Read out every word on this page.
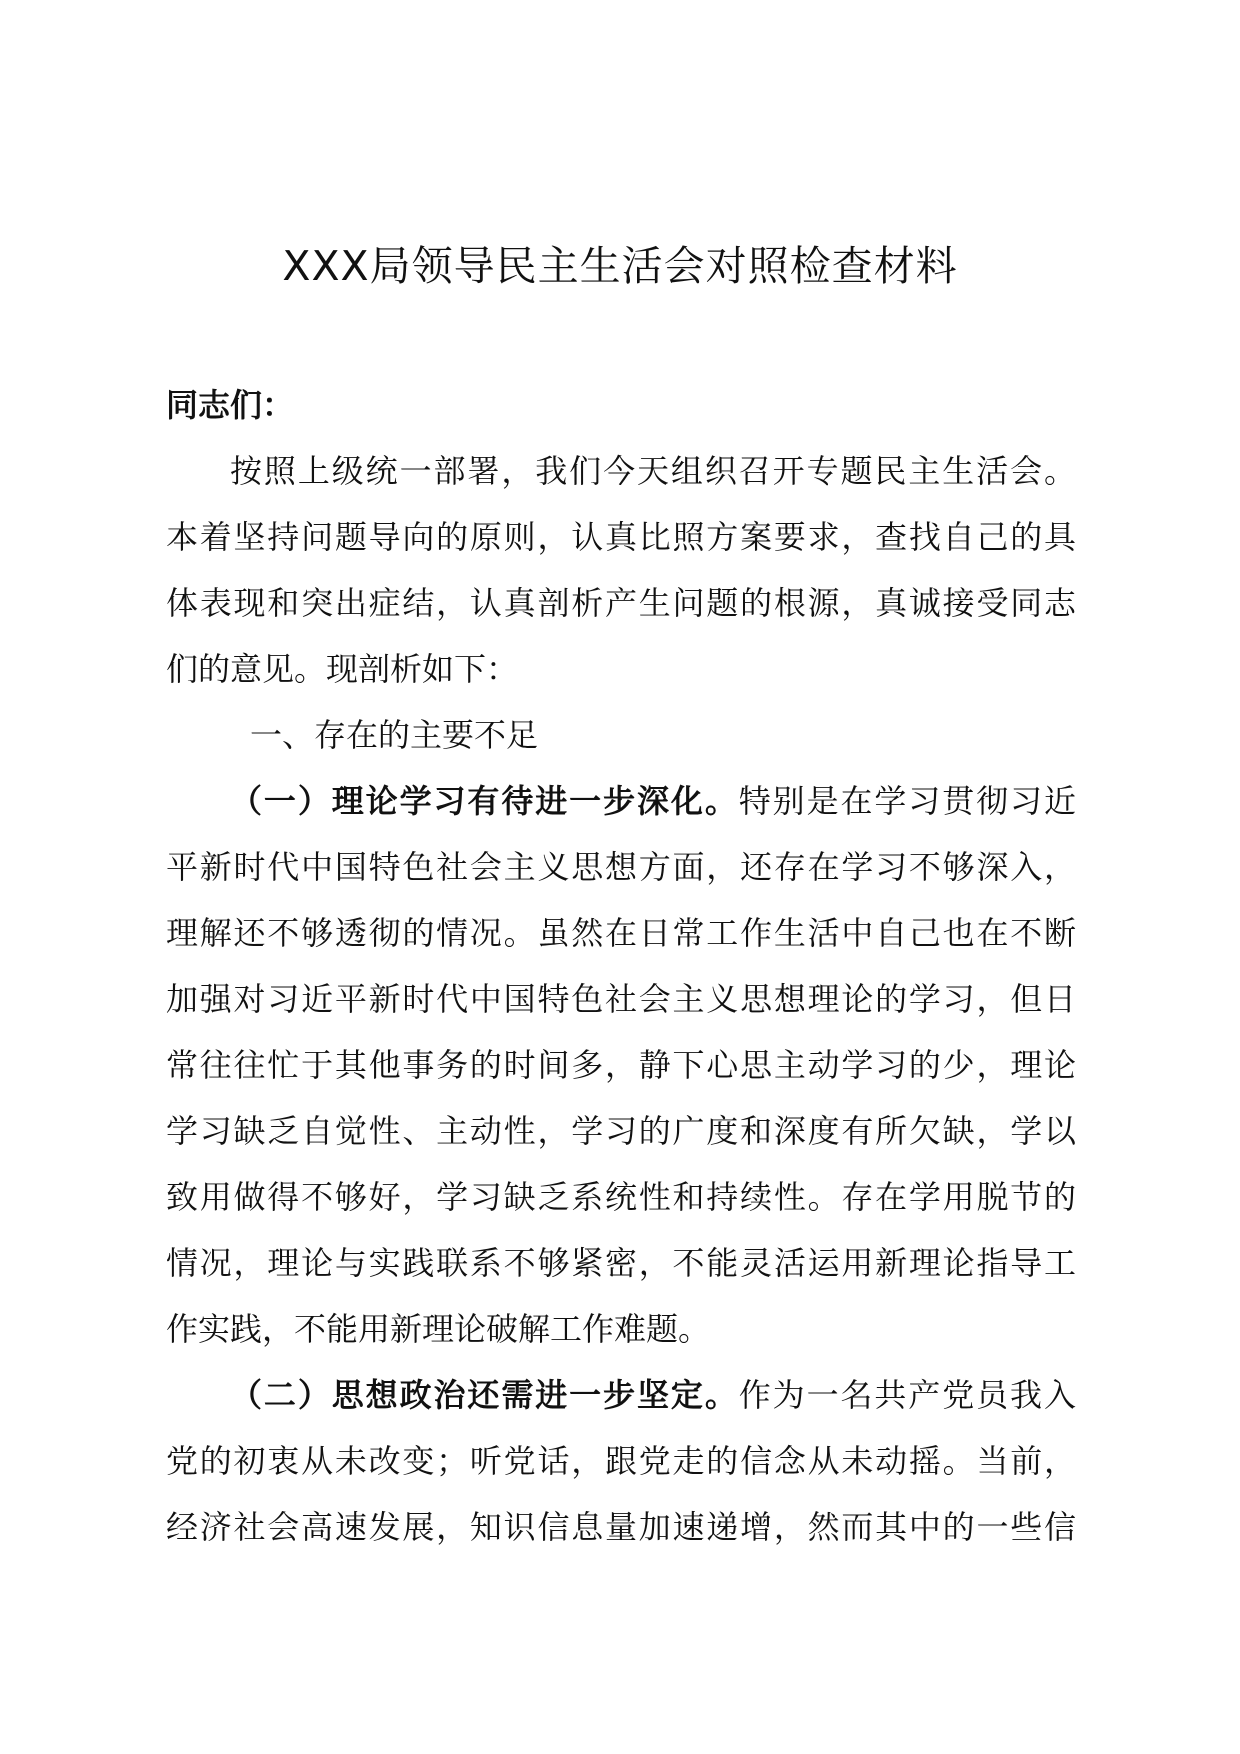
XXX局领导民主生活会对照检查材料
同志们：
按照上级统一部署，我们今天组织召开专题民主生活会。
本着坚持问题导向的原则，认真比照方案要求，查找自己的具
体表现和突出症结，认真剖析产生问题的根源，真诚接受同志
们的意见。现剖析如下：
一、存在的主要不足
（一）理论学习有待进一步深化。特别是在学习贯彻习近
平新时代中国特色社会主义思想方面，还存在学习不够深入，
理解还不够透彻的情况。虽然在日常工作生活中自己也在不断
加强对习近平新时代中国特色社会主义思想理论的学习，但日
常往往忙于其他事务的时间多，静下心思主动学习的少，理论
学习缺乏自觉性、主动性，学习的广度和深度有所欠缺，学以
致用做得不够好，学习缺乏系统性和持续性。存在学用脱节的
情况，理论与实践联系不够紧密，不能灵活运用新理论指导工
作实践，不能用新理论破解工作难题。
（二）思想政治还需进一步坚定。作为一名共产党员我入
党的初衷从未改变；听党话，跟党走的信念从未动摇。当前，
经济社会高速发展，知识信息量加速递增，然而其中的一些信
